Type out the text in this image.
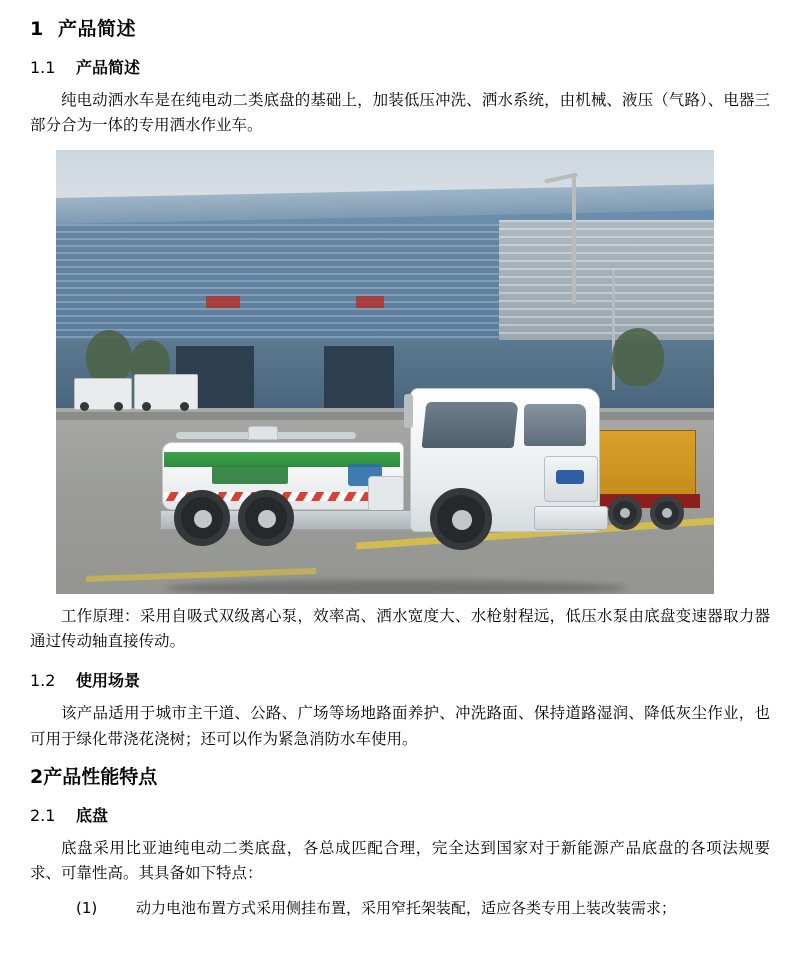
1 产品简述
1.1 产品简述

纯电动洒水车是在纯电动二类底盘的基础上，加装低压冲洗、洒水系统，由机械、液压（气路）、电器三部分合为一体的专用洒水作业车。

工作原理：采用自吸式双级离心泵，效率高、洒水宽度大、水枪射程远，低压水泵由底盘变速器取力器通过传动轴直接传动。

1.2 使用场景

该产品适用于城市主干道、公路、广场等场地路面养护、冲洗路面、保持道路湿润、降低灰尘作业，也可用于绿化带浇花浇树；还可以作为紧急消防水车使用。

2产品性能特点
2.1 底盘

底盘采用比亚迪纯电动二类底盘，各总成匹配合理，完全达到国家对于新能源产品底盘的各项法规要求、可靠性高。其具备如下特点：

(1)	动力电池布置方式采用侧挂布置，采用窄托架装配，适应各类专用上装改装需求；
